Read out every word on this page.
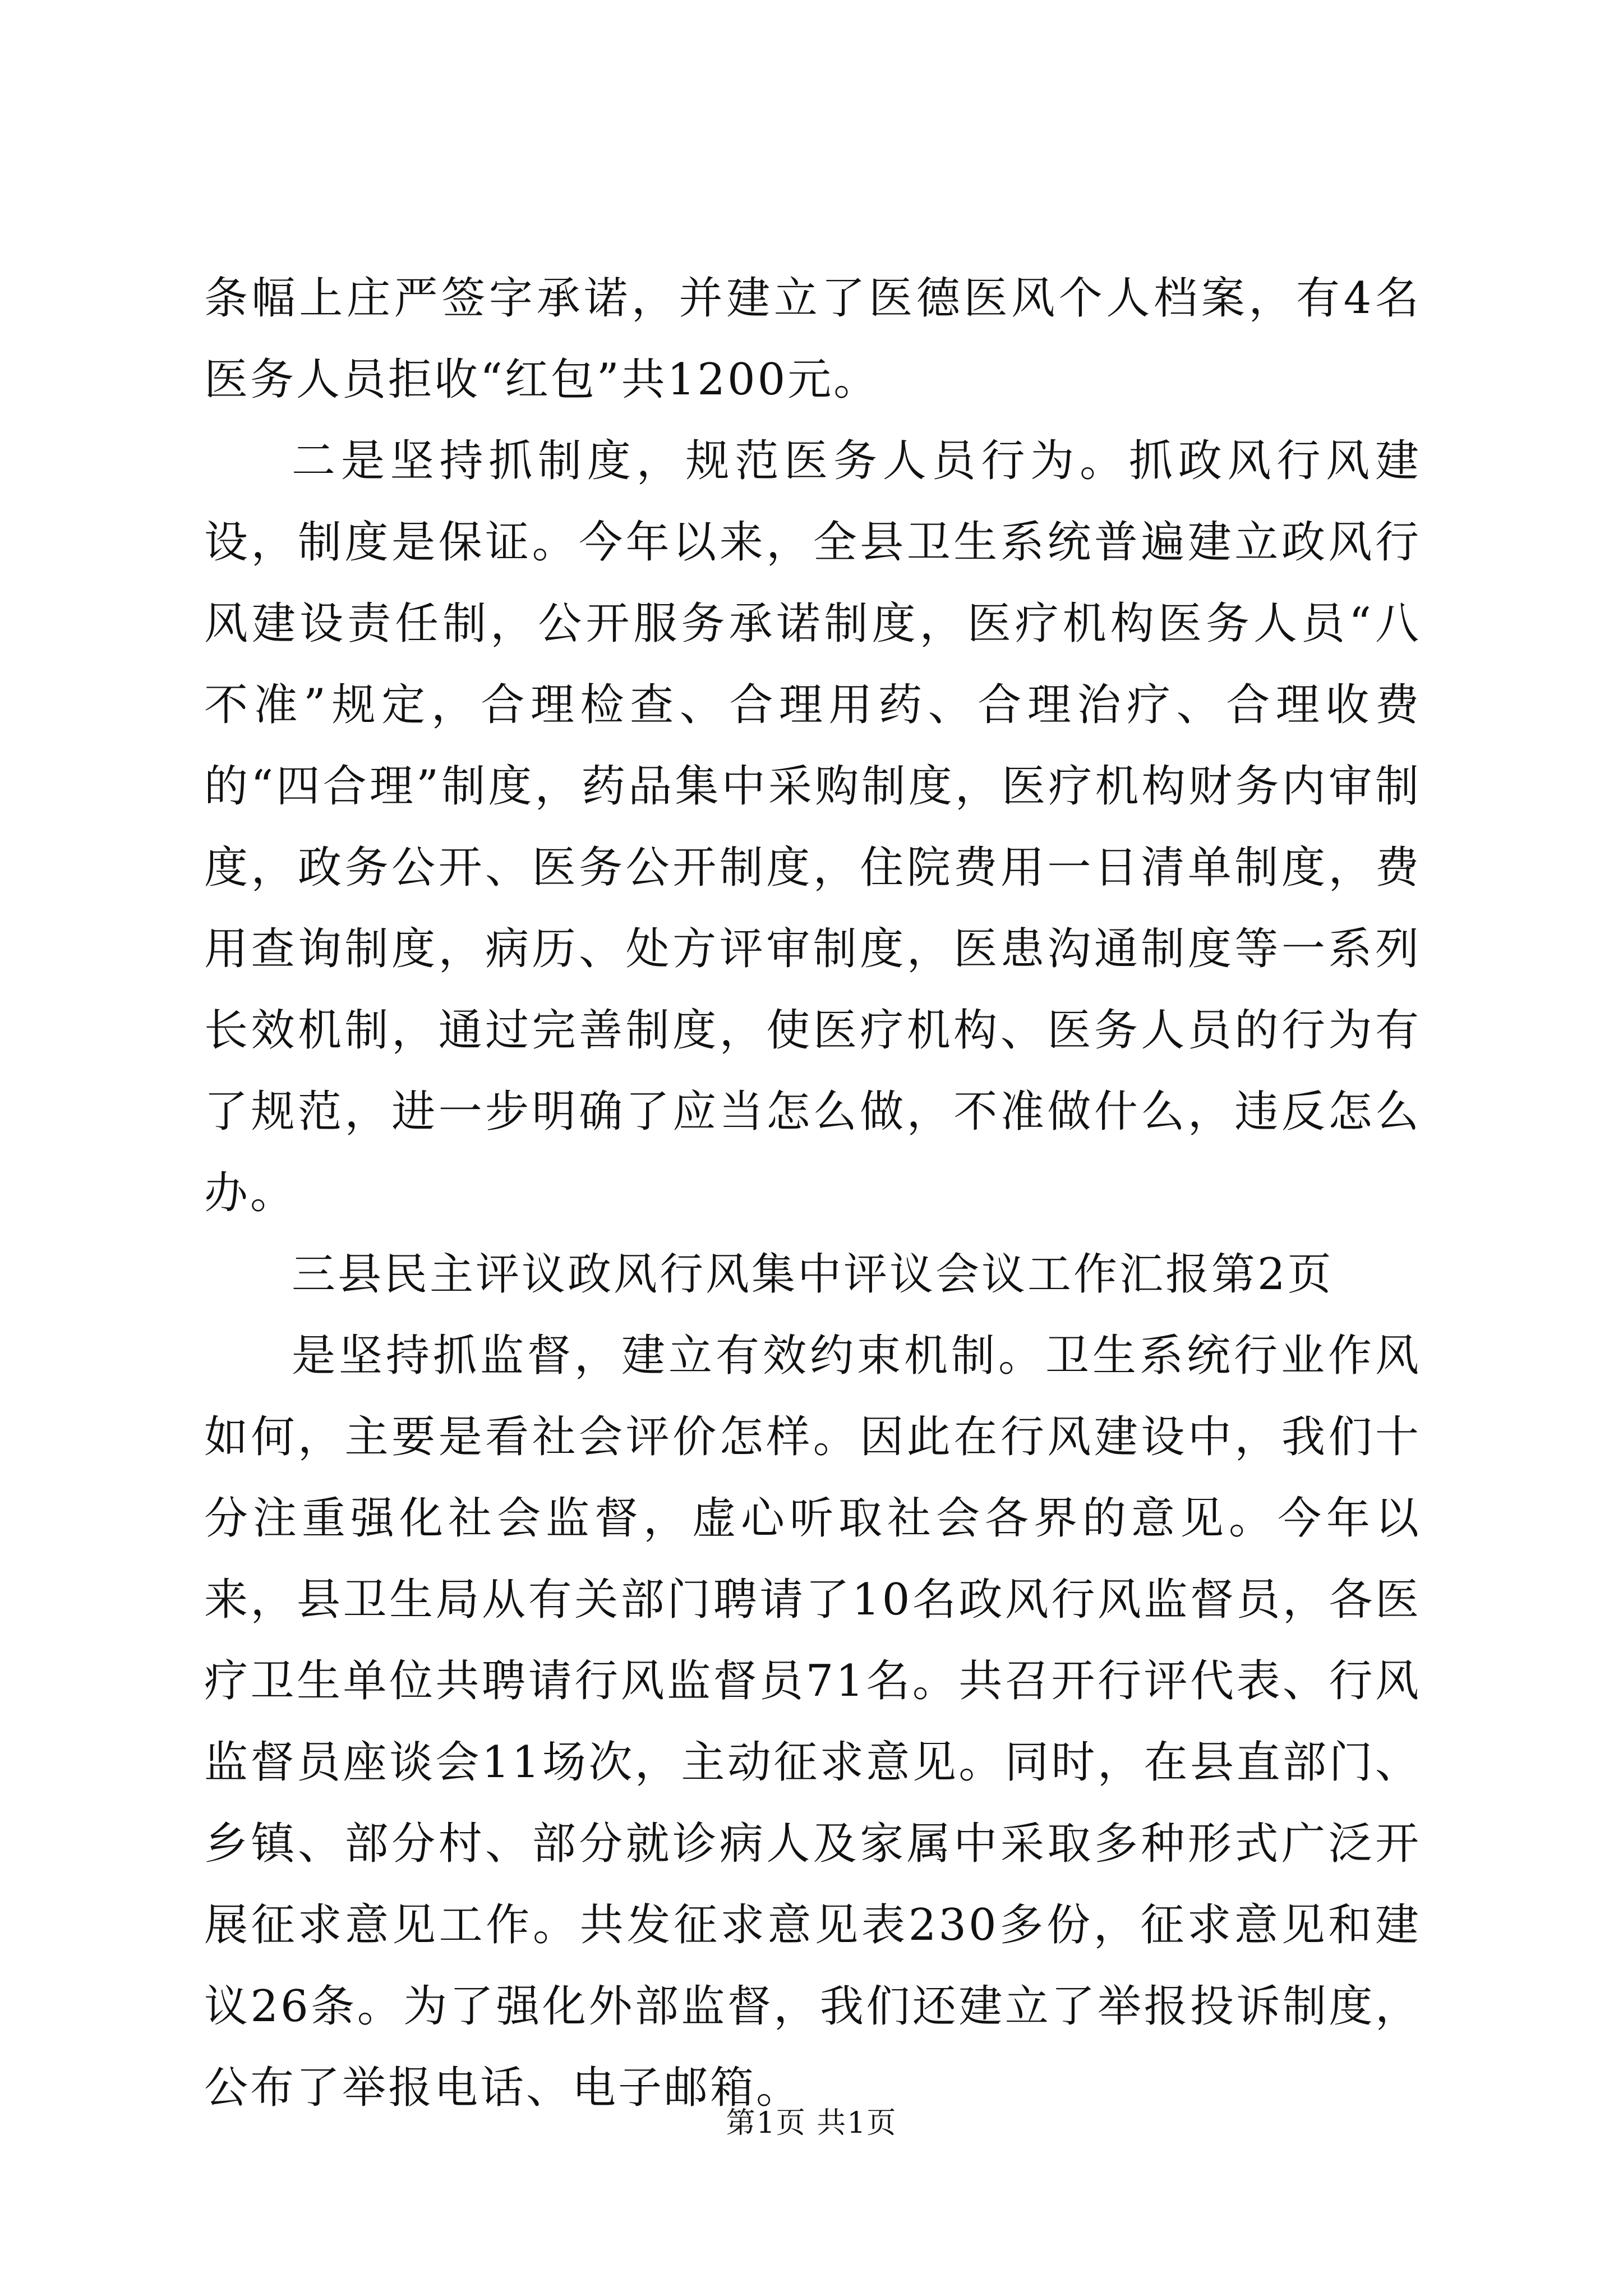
条幅上庄严签字承诺，并建立了医德医风个人档案，有4名医务人员拒收“红包”共1200元。

二是坚持抓制度，规范医务人员行为。抓政风行风建设，制度是保证。今年以来，全县卫生系统普遍建立政风行风建设责任制，公开服务承诺制度，医疗机构医务人员“八不准”规定，合理检查、合理用药、合理治疗、合理收费的“四合理”制度，药品集中采购制度，医疗机构财务内审制度，政务公开、医务公开制度，住院费用一日清单制度，费用查询制度，病历、处方评审制度，医患沟通制度等一系列长效机制，通过完善制度，使医疗机构、医务人员的行为有了规范，进一步明确了应当怎么做，不准做什么，违反怎么办。

三县民主评议政风行风集中评议会议工作汇报第2页

是坚持抓监督，建立有效约束机制。卫生系统行业作风如何，主要是看社会评价怎样。因此在行风建设中，我们十分注重强化社会监督，虚心听取社会各界的意见。今年以来，县卫生局从有关部门聘请了10名政风行风监督员，各医疗卫生单位共聘请行风监督员71名。共召开行评代表、行风监督员座谈会11场次，主动征求意见。同时，在县直部门、乡镇、部分村、部分就诊病人及家属中采取多种形式广泛开展征求意见工作。共发征求意见表230多份，征求意见和建议26条。为了强化外部监督，我们还建立了举报投诉制度，公布了举报电话、电子邮箱。

第1页 共1页
